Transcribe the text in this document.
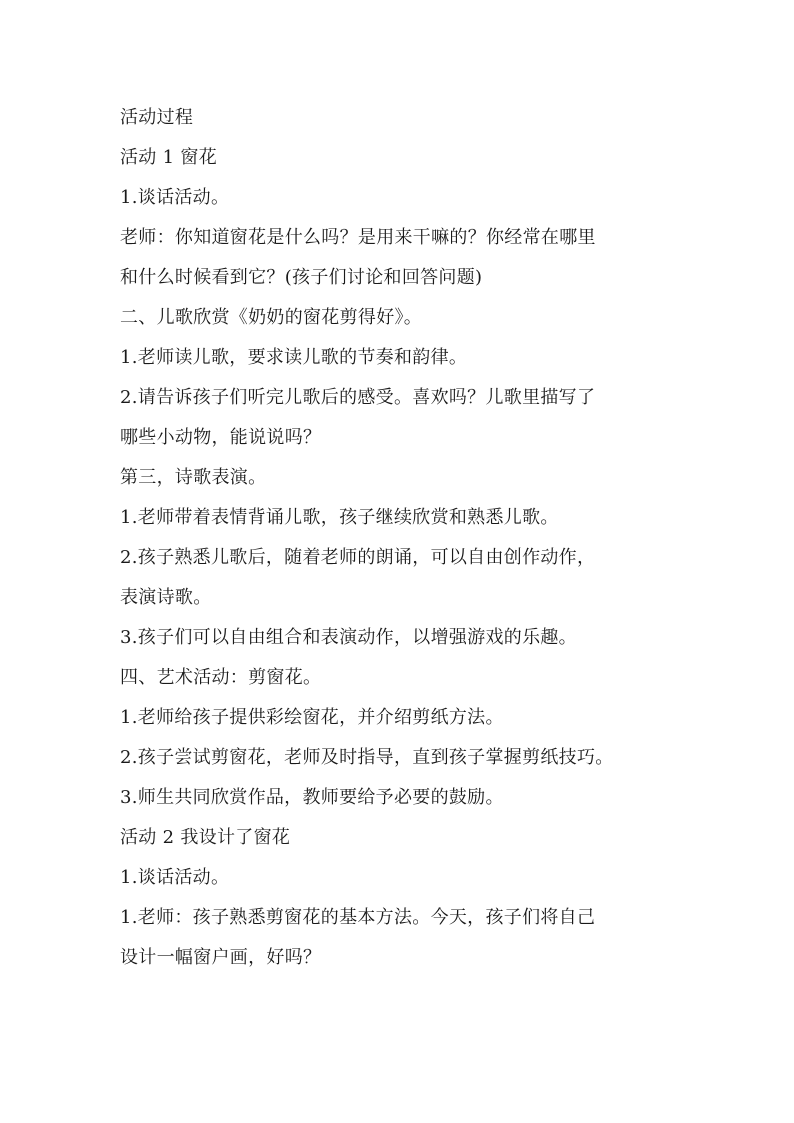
活动过程
活动 1 窗花
1.谈话活动。
老师：你知道窗花是什么吗？是用来干嘛的？你经常在哪里
和什么时候看到它？(孩子们讨论和回答问题)
二、儿歌欣赏《奶奶的窗花剪得好》。
1.老师读儿歌，要求读儿歌的节奏和韵律。
2.请告诉孩子们听完儿歌后的感受。喜欢吗？儿歌里描写了
哪些小动物，能说说吗？
第三，诗歌表演。
1.老师带着表情背诵儿歌，孩子继续欣赏和熟悉儿歌。
2.孩子熟悉儿歌后，随着老师的朗诵，可以自由创作动作，
表演诗歌。
3.孩子们可以自由组合和表演动作，以增强游戏的乐趣。
四、艺术活动：剪窗花。
1.老师给孩子提供彩绘窗花，并介绍剪纸方法。
2.孩子尝试剪窗花，老师及时指导，直到孩子掌握剪纸技巧。
3.师生共同欣赏作品，教师要给予必要的鼓励。
活动 2 我设计了窗花
1.谈话活动。
1.老师：孩子熟悉剪窗花的基本方法。今天，孩子们将自己
设计一幅窗户画，好吗？
